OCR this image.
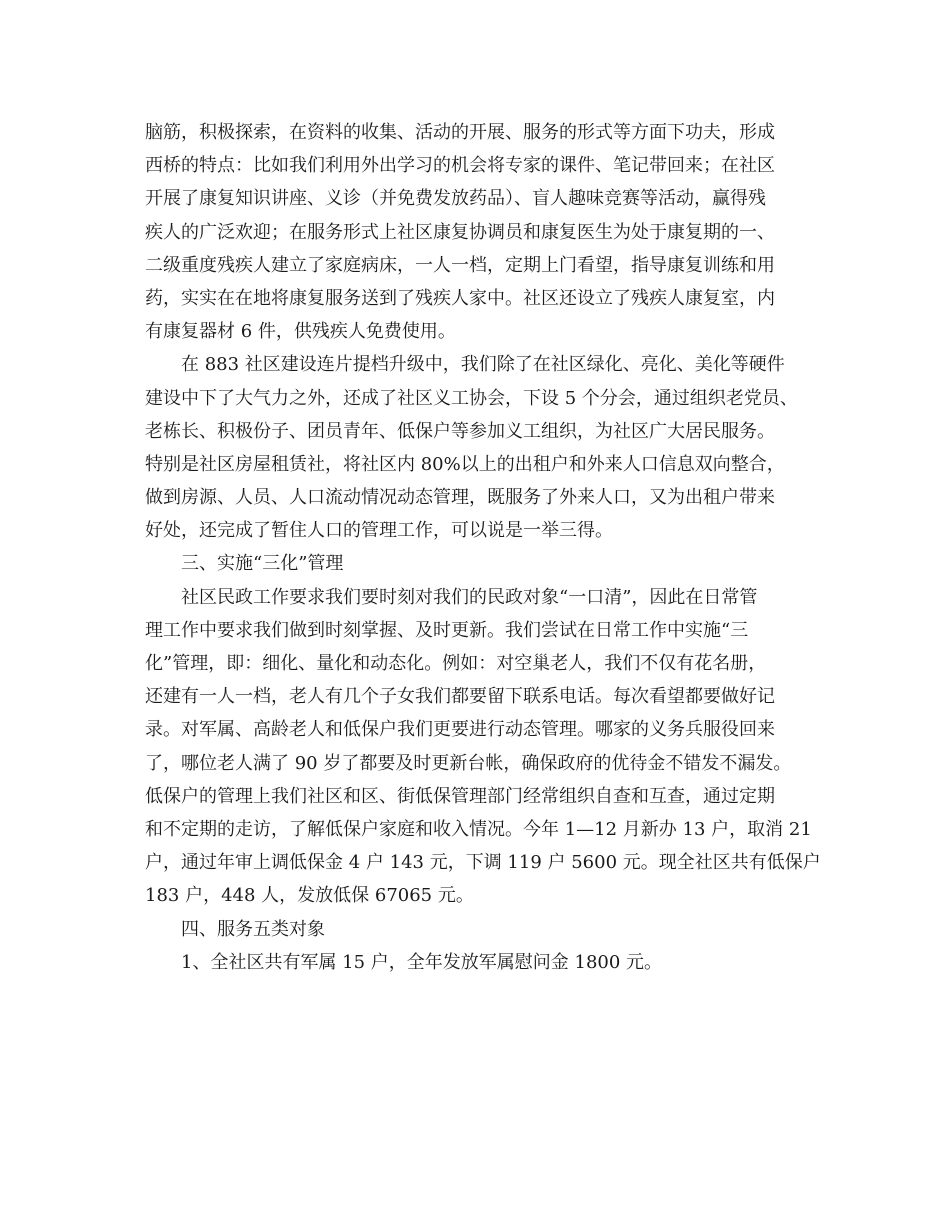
脑筋，积极探索，在资料的收集、活动的开展、服务的形式等方面下功夫，形成
西桥的特点：比如我们利用外出学习的机会将专家的课件、笔记带回来；在社区
开展了康复知识讲座、义诊（并免费发放药品）、盲人趣味竞赛等活动，赢得残
疾人的广泛欢迎；在服务形式上社区康复协调员和康复医生为处于康复期的一、
二级重度残疾人建立了家庭病床，一人一档，定期上门看望，指导康复训练和用
药，实实在在地将康复服务送到了残疾人家中。社区还设立了残疾人康复室，内
有康复器材 6 件，供残疾人免费使用。
在 883 社区建设连片提档升级中，我们除了在社区绿化、亮化、美化等硬件
建设中下了大气力之外，还成了社区义工协会，下设 5 个分会，通过组织老党员、
老栋长、积极份子、团员青年、低保户等参加义工组织，为社区广大居民服务。
特别是社区房屋租赁社，将社区内 80%以上的出租户和外来人口信息双向整合，
做到房源、人员、人口流动情况动态管理，既服务了外来人口，又为出租户带来
好处，还完成了暂住人口的管理工作，可以说是一举三得。
三、实施“三化”管理
社区民政工作要求我们要时刻对我们的民政对象“一口清”，因此在日常管
理工作中要求我们做到时刻掌握、及时更新。我们尝试在日常工作中实施“三
化”管理，即：细化、量化和动态化。例如：对空巢老人，我们不仅有花名册，
还建有一人一档，老人有几个子女我们都要留下联系电话。每次看望都要做好记
录。对军属、高龄老人和低保户我们更要进行动态管理。哪家的义务兵服役回来
了，哪位老人满了 90 岁了都要及时更新台帐，确保政府的优待金不错发不漏发。
低保户的管理上我们社区和区、街低保管理部门经常组织自查和互查，通过定期
和不定期的走访，了解低保户家庭和收入情况。今年 1—12 月新办 13 户，取消 21
户，通过年审上调低保金 4 户 143 元，下调 119 户 5600 元。现全社区共有低保户
183 户，448 人，发放低保 67065 元。
四、服务五类对象
1、全社区共有军属 15 户，全年发放军属慰问金 1800 元。
